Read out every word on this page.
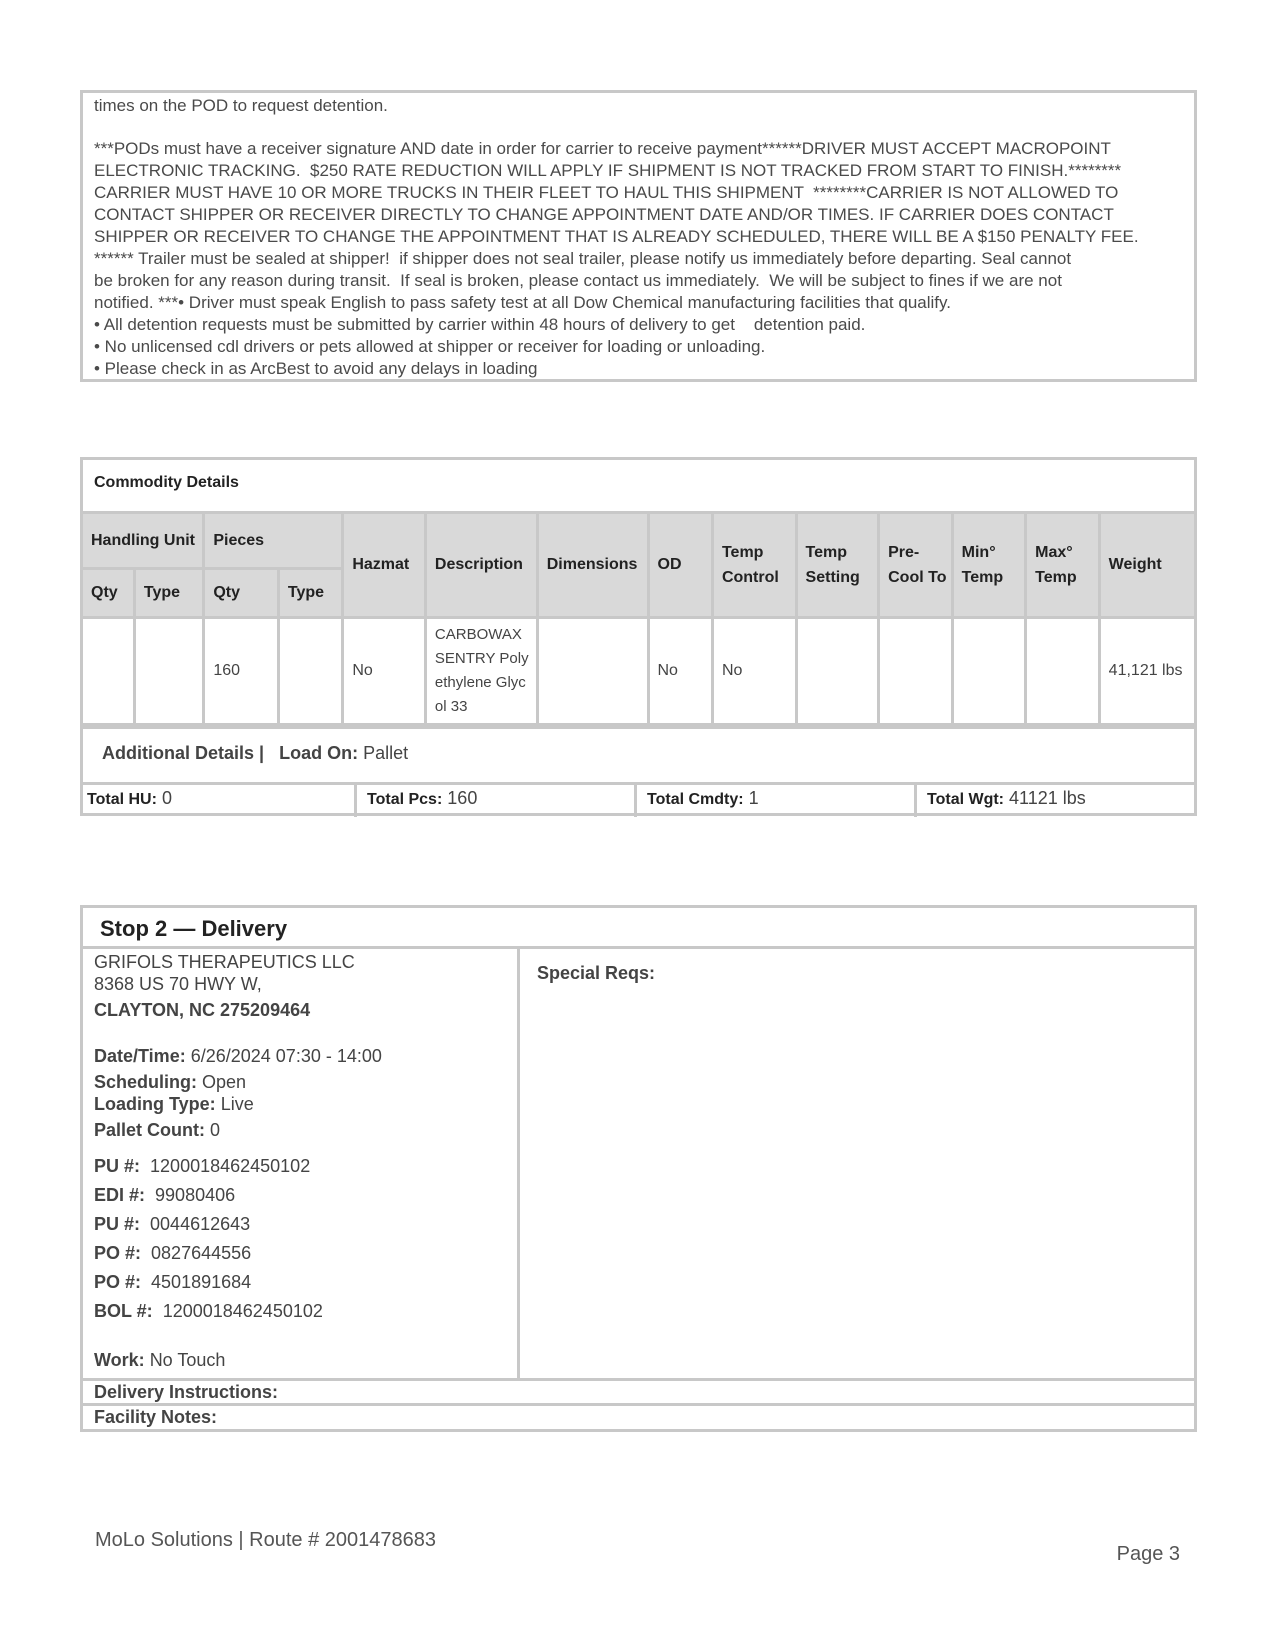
times on the POD to request detention.

***PODs must have a receiver signature AND date in order for carrier to receive payment******DRIVER MUST ACCEPT MACROPOINT

ELECTRONIC TRACKING.  $250 RATE REDUCTION WILL APPLY IF SHIPMENT IS NOT TRACKED FROM START TO FINISH.********

CARRIER MUST HAVE 10 OR MORE TRUCKS IN THEIR FLEET TO HAUL THIS SHIPMENT  ********CARRIER IS NOT ALLOWED TO

CONTACT SHIPPER OR RECEIVER DIRECTLY TO CHANGE APPOINTMENT DATE AND/OR TIMES. IF CARRIER DOES CONTACT

SHIPPER OR RECEIVER TO CHANGE THE APPOINTMENT THAT IS ALREADY SCHEDULED, THERE WILL BE A $150 PENALTY FEE.

****** Trailer must be sealed at shipper!  if shipper does not seal trailer, please notify us immediately before departing. Seal cannot

be broken for any reason during transit.  If seal is broken, please contact us immediately.  We will be subject to fines if we are not

notified. ***• Driver must speak English to pass safety test at all Dow Chemical manufacturing facilities that qualify.

• All detention requests must be submitted by carrier within 48 hours of delivery to get    detention paid.

• No unlicensed cdl drivers or pets allowed at shipper or receiver for loading or unloading.

• Please check in as ArcBest to avoid any delays in loading

Commodity Details
Handling Unit		Pieces		Hazmat	Description	Dimensions	OD	Temp Control	Temp Setting	Pre-Cool To	Min° Temp	Max° Temp	Weight
Qty	Type	Qty	Type										
		160		No	CARBOWAX SENTRY Polyethylene Glycol 33		No	No					41,121 lbs
Additional Details | Load On: Pallet
Total HU: 0	Total Pcs: 160	Total Cmdty: 1	Total Wgt: 41121 lbs
Stop 2 — Delivery

GRIFOLS THERAPEUTICS LLC

8368 US 70 HWY W,

CLAYTON, NC 275209464

Date/Time: 6/26/2024 07:30 - 14:00

Scheduling: Open

Loading Type: Live

Pallet Count: 0

PU #: 1200018462450102

EDI #: 99080406

PU #: 0044612643

PO #: 0827644556

PO #: 4501891684

BOL #: 1200018462450102

Work: No Touch

Special Reqs:
Delivery Instructions:
Facility Notes:
MoLo Solutions | Route # 2001478683
Page 3
